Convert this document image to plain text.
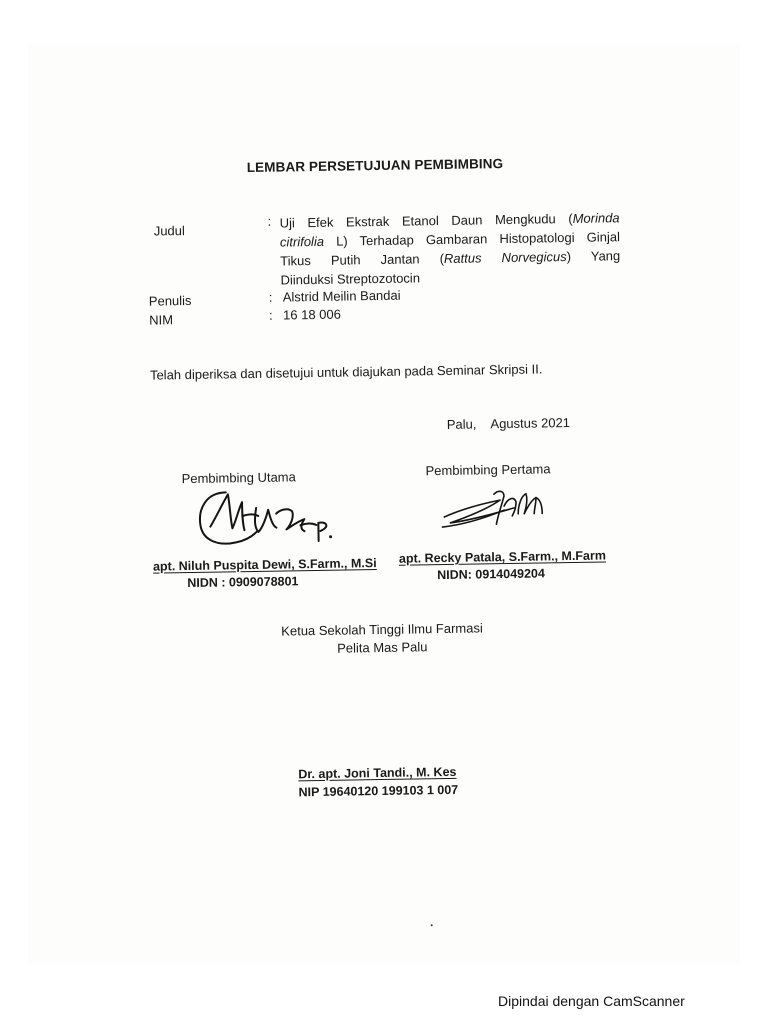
LEMBAR PERSETUJUAN PEMBIMBING
Judul
: Uji Efek Ekstrak Etanol Daun Mengkudu (Morinda
citrifolia L) Terhadap Gambaran Histopatologi Ginjal
Tikus Putih Jantan (Rattus Norvegicus) Yang
Diinduksi Streptozotocin
Penulis	: Alstrid Meilin Bandai
NIM	: 16 18 006
Telah diperiksa dan disetujui untuk diajukan pada Seminar Skripsi II.
Palu, Agustus 2021
Pembimbing Utama
apt. Niluh Puspita Dewi, S.Farm., M.Si
NIDN : 0909078801
Pembimbing Pertama
apt. Recky Patala, S.Farm., M.Farm
NIDN: 0914049204
Ketua Sekolah Tinggi Ilmu Farmasi
Pelita Mas Palu
Dr. apt. Joni Tandi., M. Kes
NIP 19640120 199103 1 007
Dipindai dengan CamScanner
